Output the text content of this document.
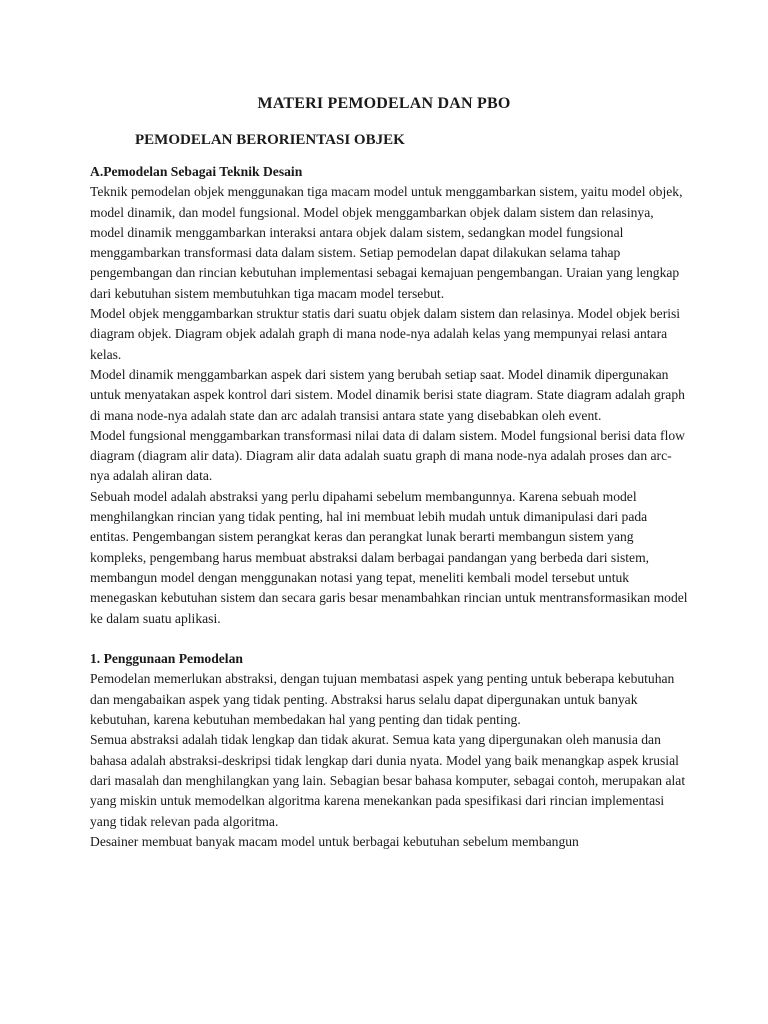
MATERI PEMODELAN DAN PBO
PEMODELAN BERORIENTASI OBJEK

A.Pemodelan Sebagai Teknik Desain

Teknik pemodelan objek menggunakan tiga macam model untuk menggambarkan sistem, yaitu model objek, model dinamik, dan model fungsional. Model objek menggambarkan objek dalam sistem dan relasinya, model dinamik menggambarkan interaksi antara objek dalam sistem, sedangkan model fungsional menggambarkan transformasi data dalam sistem. Setiap pemodelan dapat dilakukan selama tahap pengembangan dan rincian kebutuhan implementasi sebagai kemajuan pengembangan. Uraian yang lengkap dari kebutuhan sistem membutuhkan tiga macam model tersebut.

Model objek menggambarkan struktur statis dari suatu objek dalam sistem dan relasinya. Model objek berisi diagram objek. Diagram objek adalah graph di mana node-nya adalah kelas yang mempunyai relasi antara kelas.

Model dinamik menggambarkan aspek dari sistem yang berubah setiap saat. Model dinamik dipergunakan untuk menyatakan aspek kontrol dari sistem. Model dinamik berisi state diagram. State diagram adalah graph di mana node-nya adalah state dan arc adalah transisi antara state yang disebabkan oleh event.

Model fungsional menggambarkan transformasi nilai data di dalam sistem. Model fungsional berisi data flow diagram (diagram alir data). Diagram alir data adalah suatu graph di mana node-nya adalah proses dan arc-nya adalah aliran data.

Sebuah model adalah abstraksi yang perlu dipahami sebelum membangunnya. Karena sebuah model menghilangkan rincian yang tidak penting, hal ini membuat lebih mudah untuk dimanipulasi dari pada entitas. Pengembangan sistem perangkat keras dan perangkat lunak berarti membangun sistem yang kompleks, pengembang harus membuat abstraksi dalam berbagai pandangan yang berbeda dari sistem, membangun model dengan menggunakan notasi yang tepat, meneliti kembali model tersebut untuk menegaskan kebutuhan sistem dan secara garis besar menambahkan rincian untuk mentransformasikan model ke dalam suatu aplikasi.

1. Penggunaan Pemodelan

Pemodelan memerlukan abstraksi, dengan tujuan membatasi aspek yang penting untuk beberapa kebutuhan dan mengabaikan aspek yang tidak penting. Abstraksi harus selalu dapat dipergunakan untuk banyak kebutuhan, karena kebutuhan membedakan hal yang penting dan tidak penting.

Semua abstraksi adalah tidak lengkap dan tidak akurat. Semua kata yang dipergunakan oleh manusia dan bahasa adalah abstraksi-deskripsi tidak lengkap dari dunia nyata. Model yang baik menangkap aspek krusial dari masalah dan menghilangkan yang lain. Sebagian besar bahasa komputer, sebagai contoh, merupakan alat yang miskin untuk memodelkan algoritma karena menekankan pada spesifikasi dari rincian implementasi yang tidak relevan pada algoritma.

Desainer membuat banyak macam model untuk berbagai kebutuhan sebelum membangun
